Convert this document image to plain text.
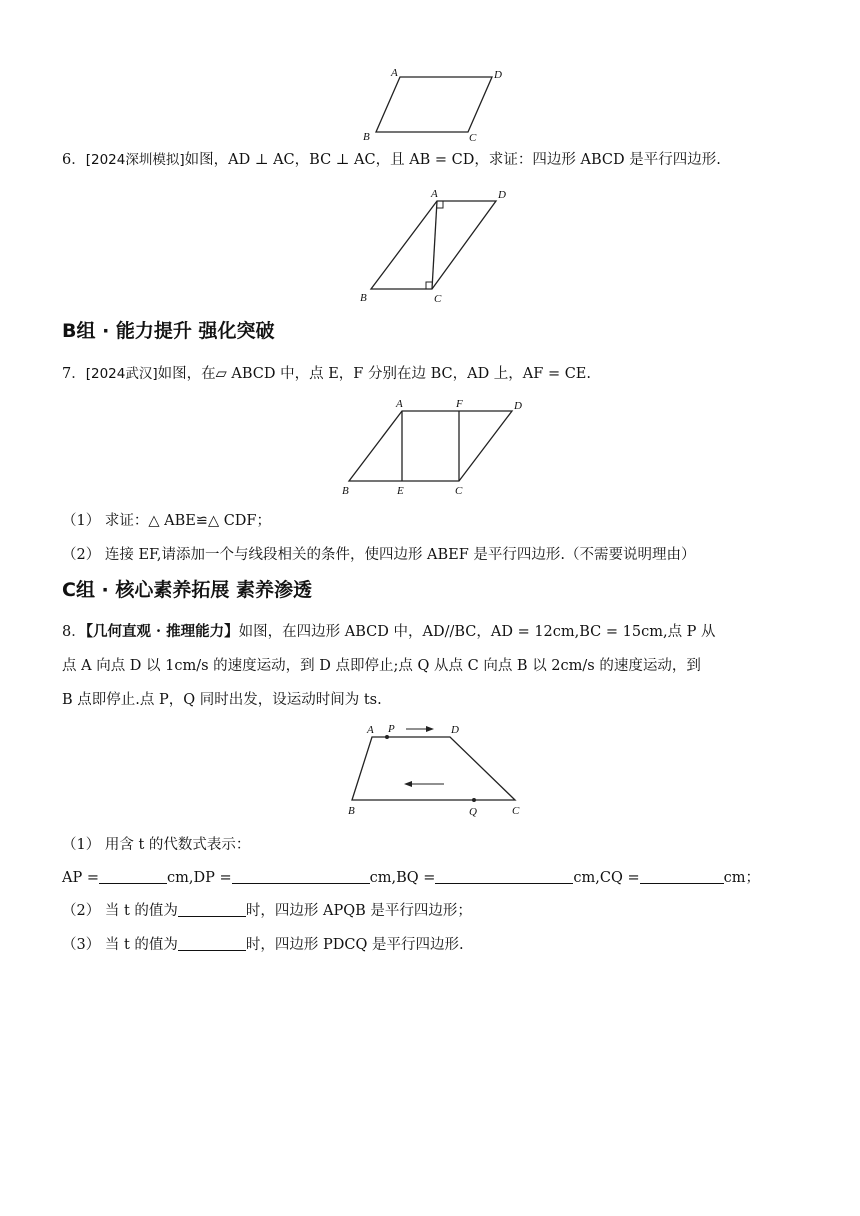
A	D
B	C
6．[2024深圳模拟]如图，AD ⊥ AC，BC ⊥ AC，且 AB = CD，求证：四边形 ABCD 是平行四边形.
A	D
B	C
B组 · 能力提升 强化突破
7．[2024武汉]如图，在▱ ABCD 中，点 E，F 分别在边 BC，AD 上，AF = CE.
A	F	D
B	E	C
（1） 求证：△ ABE≌△ CDF；
（2） 连接 EF,请添加一个与线段相关的条件，使四边形 ABEF 是平行四边形.（不需要说明理由）
C组 · 核心素养拓展 素养渗透
8．【几何直观 · 推理能力】如图，在四边形 ABCD 中，AD//BC，AD = 12cm,BC = 15cm,点 P 从
点 A 向点 D 以 1cm/s 的速度运动，到 D 点即停止;点 Q 从点 C 向点 B 以 2cm/s 的速度运动，到
B 点即停止.点 P，Q 同时出发，设运动时间为 ts.
A P	D
B	Q	C
（1） 用含 t 的代数式表示：
AP =	cm,DP =	cm,BQ =	cm,CQ =	cm；
（2） 当 t 的值为	时，四边形 APQB 是平行四边形；
（3） 当 t 的值为	时，四边形 PDCQ 是平行四边形.
